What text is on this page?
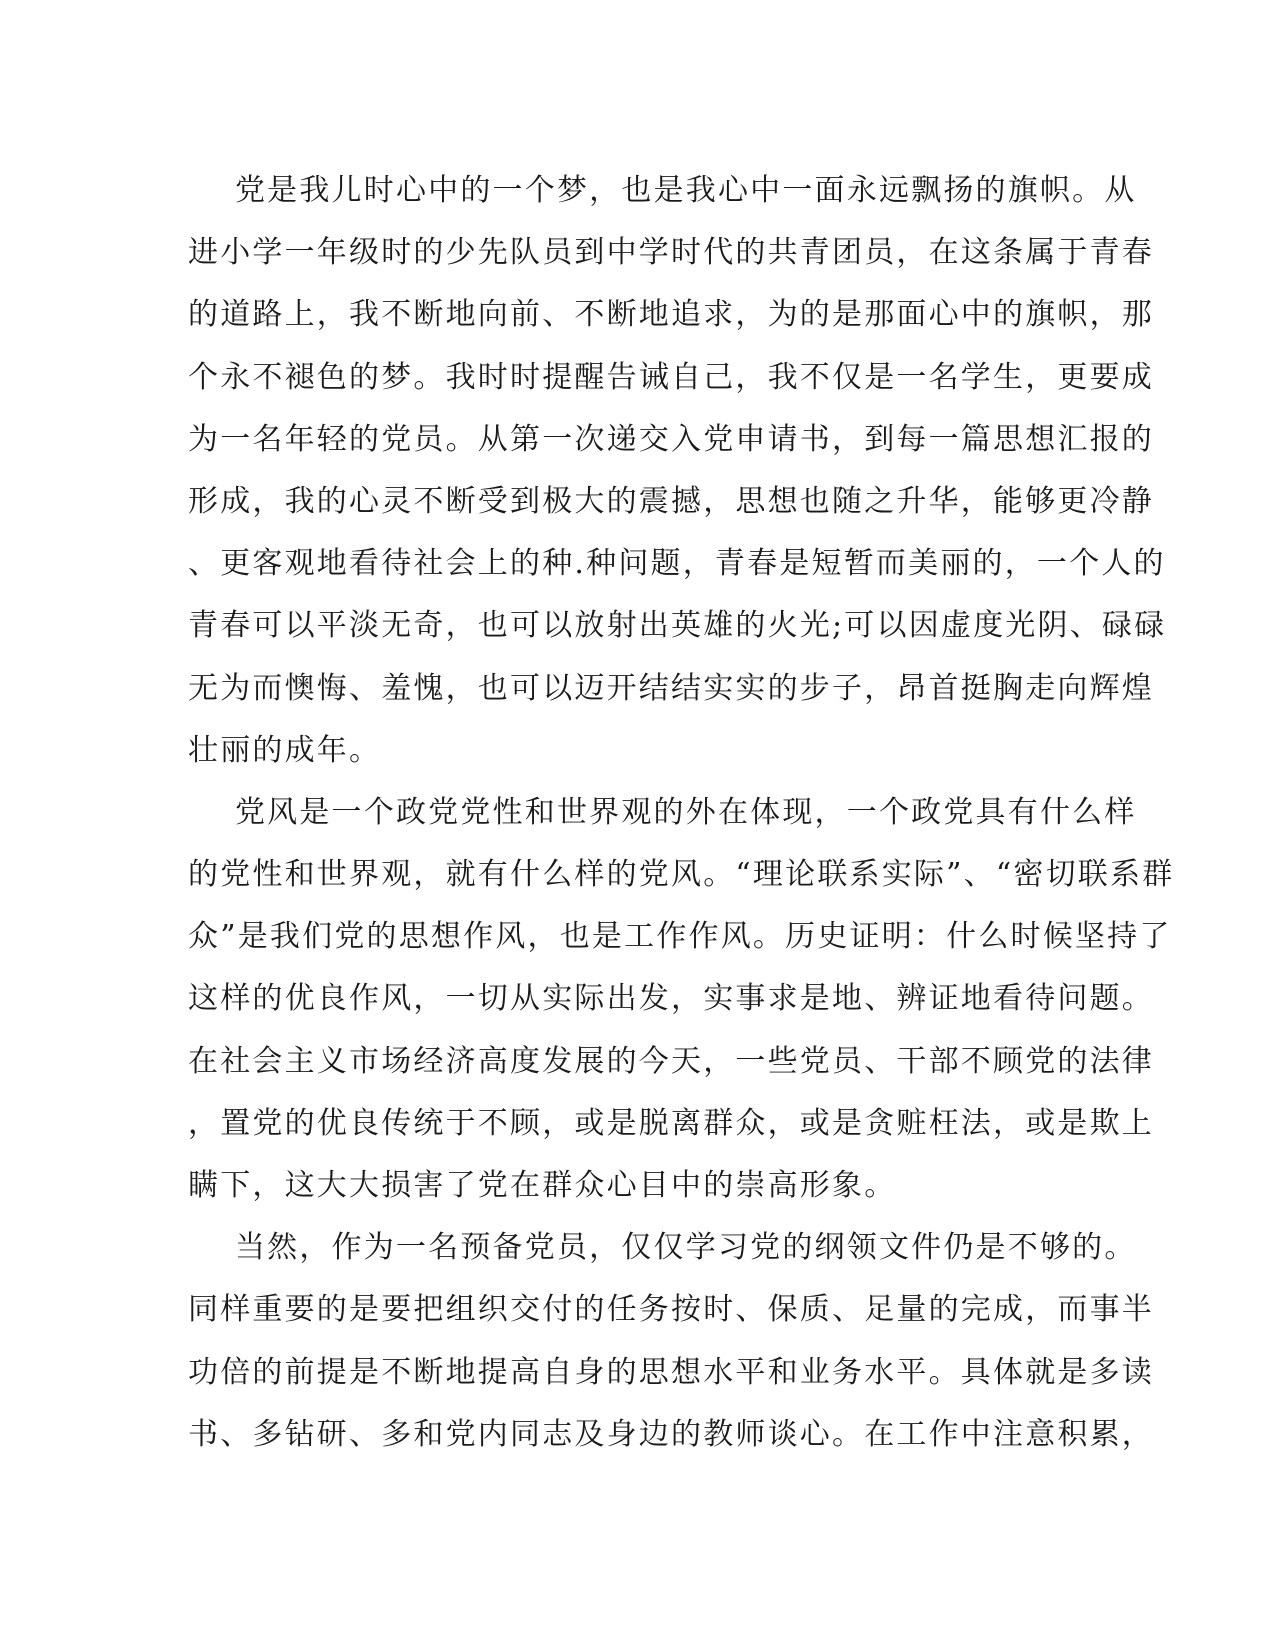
党是我儿时心中的一个梦，也是我心中一面永远飘扬的旗帜。从
进小学一年级时的少先队员到中学时代的共青团员，在这条属于青春
的道路上，我不断地向前、不断地追求，为的是那面心中的旗帜，那
个永不褪色的梦。我时时提醒告诫自己，我不仅是一名学生，更要成
为一名年轻的党员。从第一次递交入党申请书，到每一篇思想汇报的
形成，我的心灵不断受到极大的震撼，思想也随之升华，能够更冷静
、更客观地看待社会上的种.种问题，青春是短暂而美丽的，一个人的
青春可以平淡无奇，也可以放射出英雄的火光;可以因虚度光阴、碌碌
无为而懊悔、羞愧，也可以迈开结结实实的步子，昂首挺胸走向辉煌
壮丽的成年。
党风是一个政党党性和世界观的外在体现，一个政党具有什么样
的党性和世界观，就有什么样的党风。“理论联系实际”、“密切联系群
众”是我们党的思想作风，也是工作作风。历史证明：什么时候坚持了
这样的优良作风，一切从实际出发，实事求是地、辨证地看待问题。
在社会主义市场经济高度发展的今天，一些党员、干部不顾党的法律
，置党的优良传统于不顾，或是脱离群众，或是贪赃枉法，或是欺上
瞒下，这大大损害了党在群众心目中的崇高形象。
当然，作为一名预备党员，仅仅学习党的纲领文件仍是不够的。
同样重要的是要把组织交付的任务按时、保质、足量的完成，而事半
功倍的前提是不断地提高自身的思想水平和业务水平。具体就是多读
书、多钻研、多和党内同志及身边的教师谈心。在工作中注意积累，
